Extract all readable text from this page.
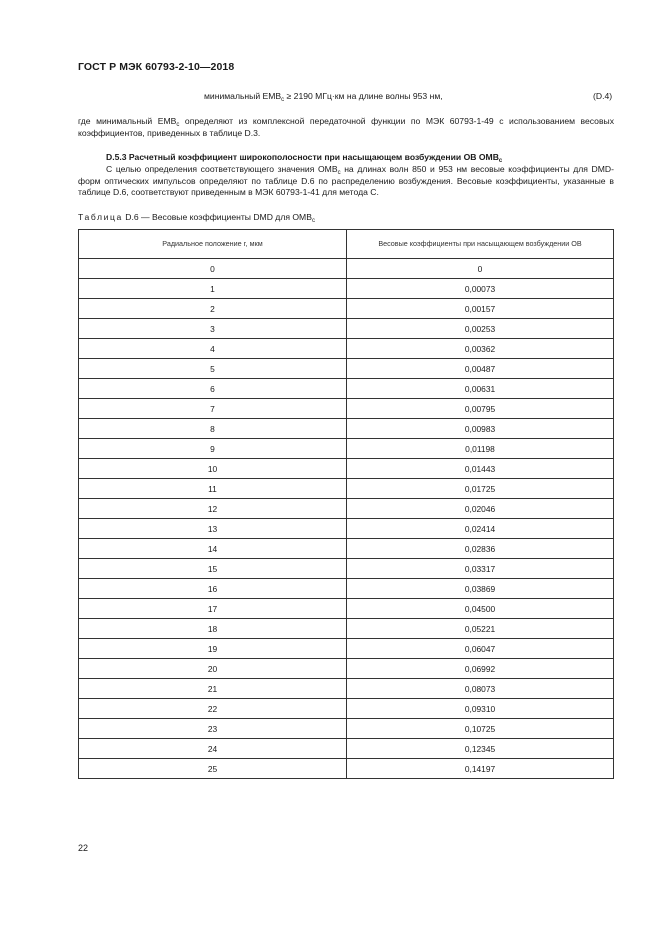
ГОСТ Р МЭК 60793-2-10—2018
минимальный $ЕМВ_с \ge 2190$ МГц·км на длине волны 953 нм,	(D.4)
где минимальный $ЕМВ_с$ определяют из комплексной передаточной функции по МЭК 60793-1-49 с использованием весовых коэффициентов, приведенных в таблице D.3.
D.5.3 Расчетный коэффициент широкополосности при насыщающем возбуждении ОВ $ОМВ_с$
С целью определения соответствующего значения $ОМВ_с$ на длинах волн 850 и 953 нм весовые коэффициенты для DMD-форм оптических импульсов определяют по таблице D.6 по распределению возбуждения. Весовые коэффициенты, указанные в таблице D.6, соответствуют приведенным в МЭК 60793-1-41 для метода С.
Таблица D.6 — Весовые коэффициенты DMD для $ОМВ_с$
Радиальное положение r, мкм	Весовые коэффициенты при насыщающем возбуждении ОВ
0	0
1	0,00073
2	0,00157
3	0,00253
4	0,00362
5	0,00487
6	0,00631
7	0,00795
8	0,00983
9	0,01198
10	0,01443
11	0,01725
12	0,02046
13	0,02414
14	0,02836
15	0,03317
16	0,03869
17	0,04500
18	0,05221
19	0,06047
20	0,06992
21	0,08073
22	0,09310
23	0,10725
24	0,12345
25	0,14197
22
